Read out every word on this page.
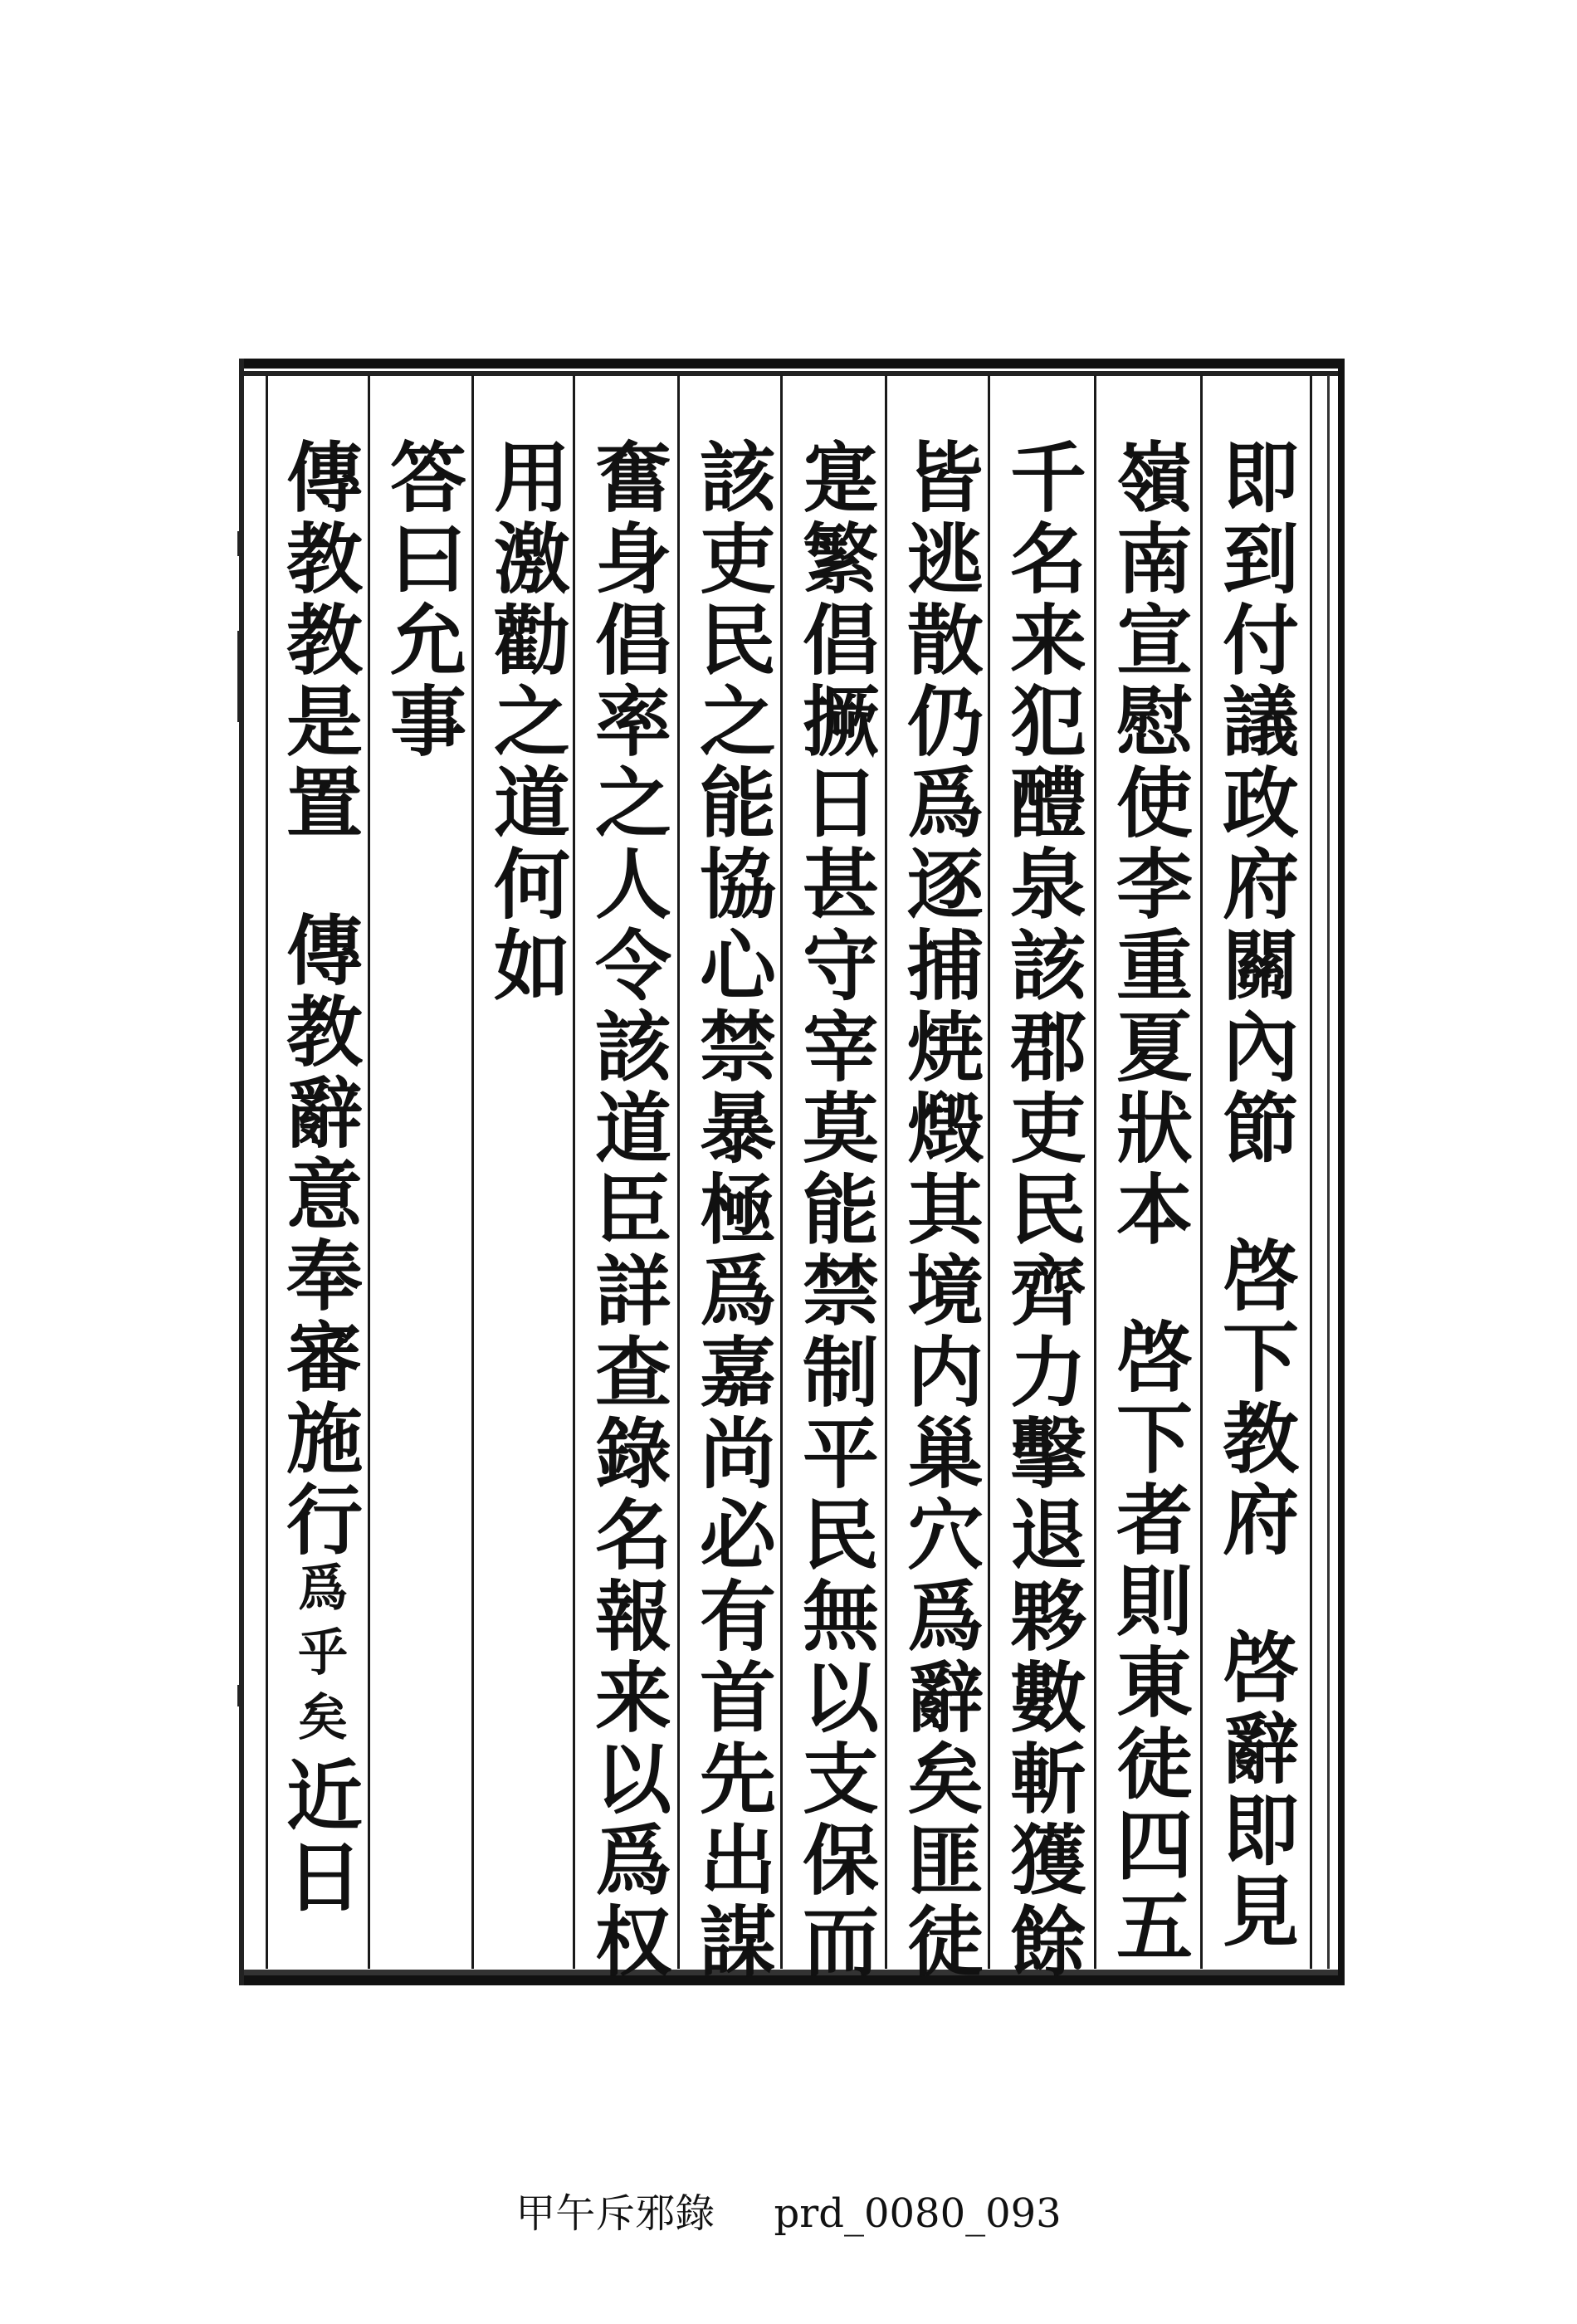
即到付議政府關內節啓下教府啓辭即見
嶺南宣慰使李重夏狀本啓下者則東徒四五
千名来犯醴泉該郡吏民齊力擊退夥數斬獲餘
皆逃散仍爲逐捕焼燬其境内巢穴爲辭矣匪徒
寔繁倡撅日甚守宰莫能禁制平民無以支保而
該吏民之能協心禁暴極爲嘉尚必有首先出謀
奮身倡率之人令該道臣詳查錄名報来以爲权
用激勸之道何如
答曰允事
傳教教是置傳教辭意奉審施行爲乎矣近日
甲午斥邪錄 prd_0080_093
